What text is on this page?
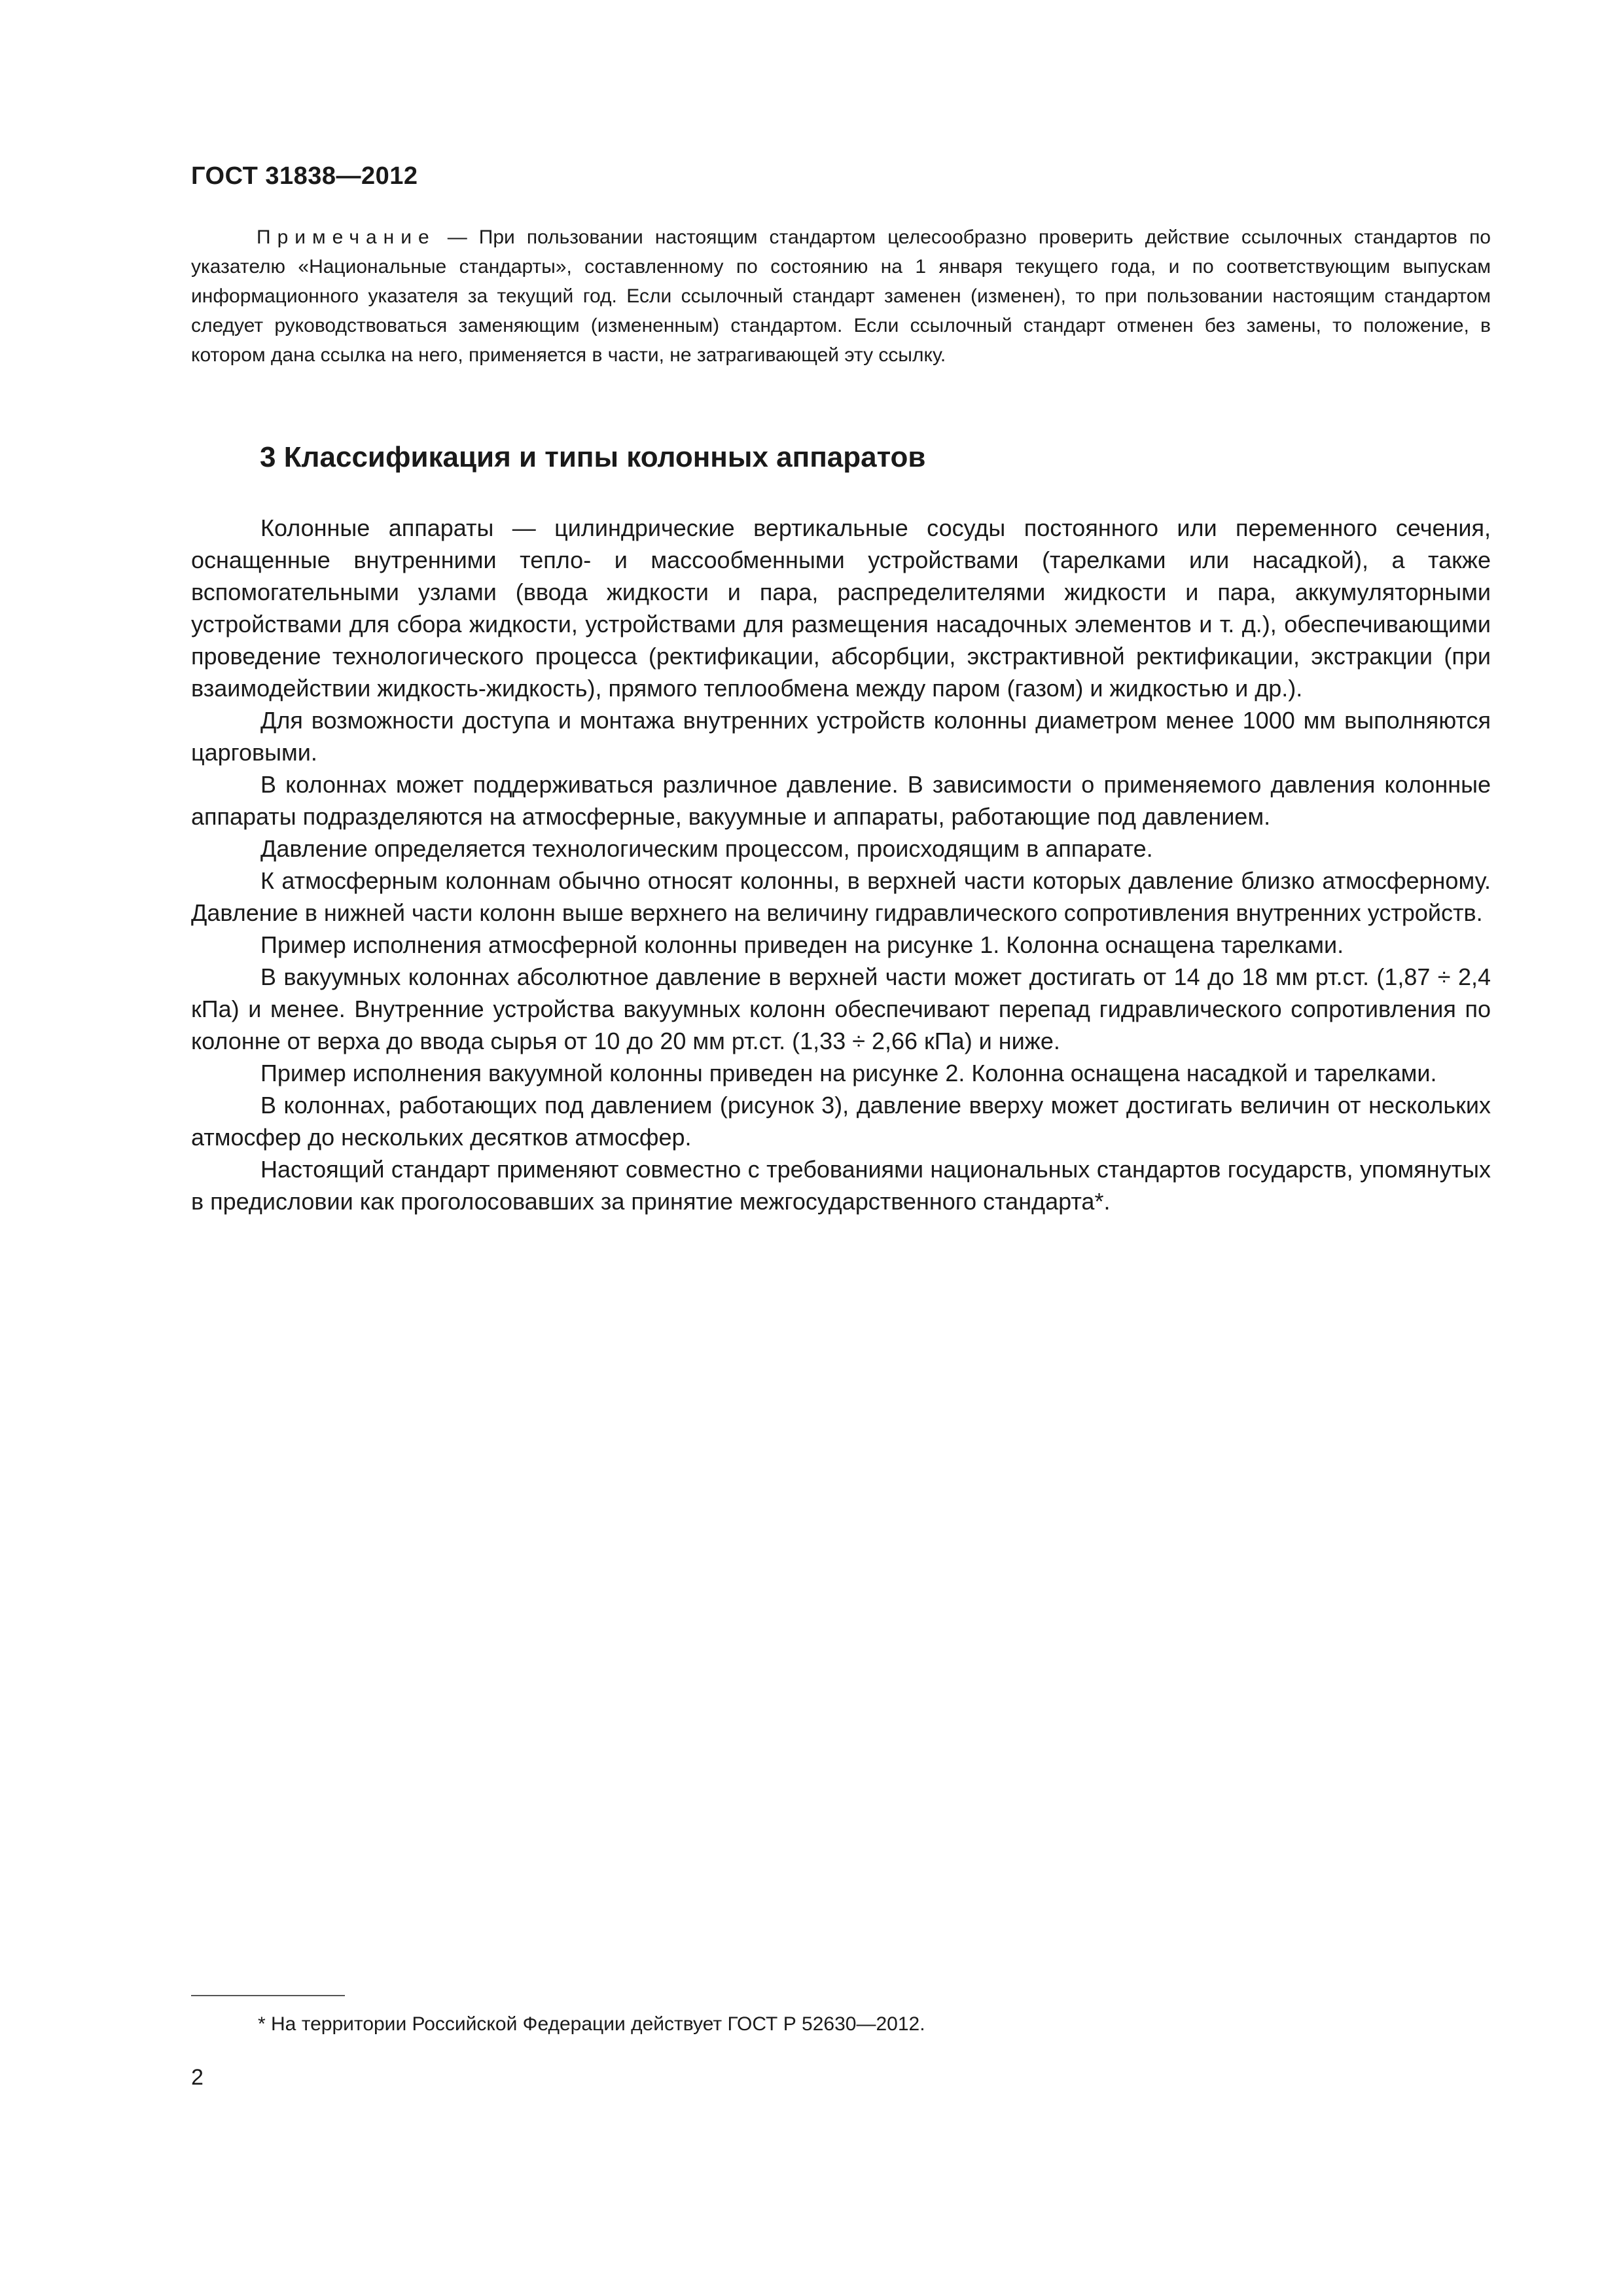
ГОСТ 31838—2012

Примечание — При пользовании настоящим стандартом целесообразно проверить действие ссылочных стандартов по указателю «Национальные стандарты», составленному по состоянию на 1 января текущего года, и по соответствующим выпускам информационного указателя за текущий год. Если ссылочный стандарт заменен (изменен), то при пользовании настоящим стандартом следует руководствоваться заменяющим (измененным) стандартом. Если ссылочный стандарт отменен без замены, то положение, в котором дана ссылка на него, применяется в части, не затрагивающей эту ссылку.

3 Классификация и типы колонных аппаратов

Колонные аппараты — цилиндрические вертикальные сосуды постоянного или переменного сечения, оснащенные внутренними тепло- и массообменными устройствами (тарелками или насадкой), а также вспомогательными узлами (ввода жидкости и пара, распределителями жидкости и пара, аккумуляторными устройствами для сбора жидкости, устройствами для размещения насадочных элементов и т. д.), обеспечивающими проведение технологического процесса (ректификации, абсорбции, экстрактивной ректификации, экстракции (при взаимодействии жидкость-жидкость), прямого теплообмена между паром (газом) и жидкостью и др.).

Для возможности доступа и монтажа внутренних устройств колонны диаметром менее 1000 мм выполняются царговыми.

В колоннах может поддерживаться различное давление. В зависимости о применяемого давления колонные аппараты подразделяются на атмосферные, вакуумные и аппараты, работающие под давлением.

Давление определяется технологическим процессом, происходящим в аппарате.

К атмосферным колоннам обычно относят колонны, в верхней части которых давление близко атмосферному. Давление в нижней части колонн выше верхнего на величину гидравлического сопротивления внутренних устройств.

Пример исполнения атмосферной колонны приведен на рисунке 1. Колонна оснащена тарелками.

В вакуумных колоннах абсолютное давление в верхней части может достигать от 14 до 18 мм рт.ст. (1,87 ÷ 2,4 кПа) и менее. Внутренние устройства вакуумных колонн обеспечивают перепад гидравлического сопротивления по колонне от верха до ввода сырья от 10 до 20 мм рт.ст. (1,33 ÷ 2,66 кПа) и ниже.

Пример исполнения вакуумной колонны приведен на рисунке 2. Колонна оснащена насадкой и тарелками.

В колоннах, работающих под давлением (рисунок 3), давление вверху может достигать величин от нескольких атмосфер до нескольких десятков атмосфер.

Настоящий стандарт применяют совместно с требованиями национальных стандартов государств, упомянутых в предисловии как проголосовавших за принятие межгосударственного стандарта*.

* На территории Российской Федерации действует ГОСТ Р 52630—2012.

2
